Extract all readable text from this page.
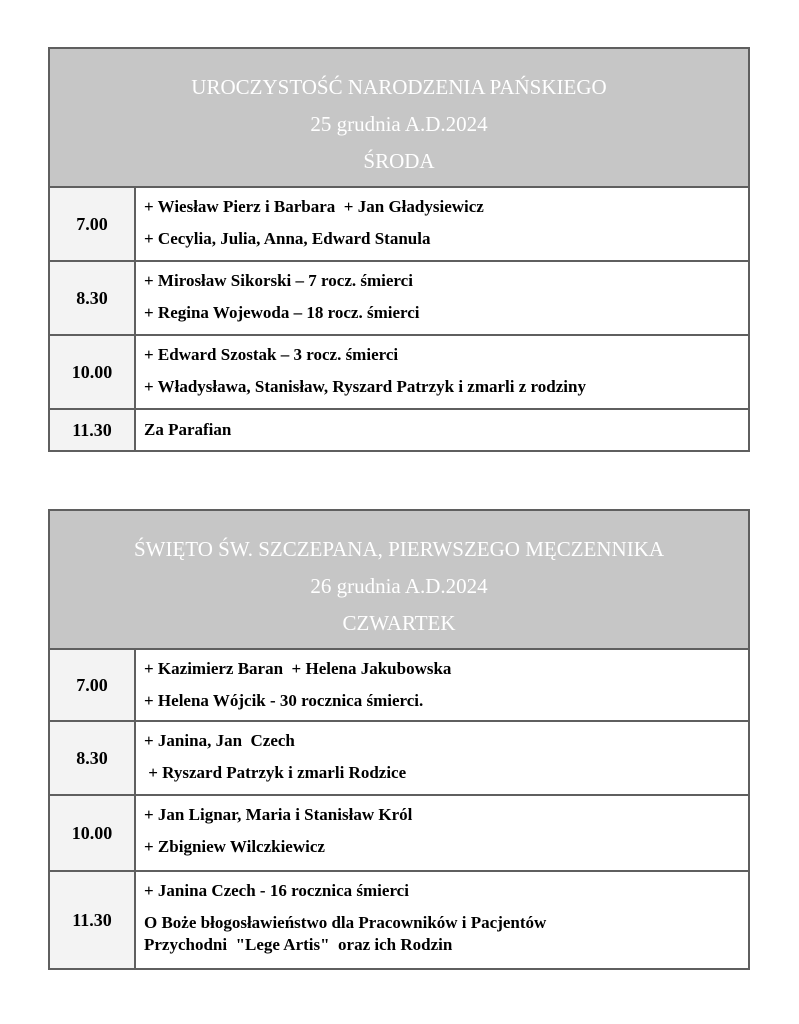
UROCZYSTOŚĆ NARODZENIA PAŃSKIEGO
25 grudnia A.D.2024
ŚRODA
7.00
+ Wiesław Pierz i Barbara  + Jan Gładysiewicz
+ Cecylia, Julia, Anna, Edward Stanula
8.30
+ Mirosław Sikorski – 7 rocz. śmierci
+ Regina Wojewoda – 18 rocz. śmierci
10.00
+ Edward Szostak – 3 rocz. śmierci
+ Władysława, Stanisław, Ryszard Patrzyk i zmarli z rodziny
11.30	Za Parafian
ŚWIĘTO ŚW. SZCZEPANA, PIERWSZEGO MĘCZENNIKA
26 grudnia A.D.2024
CZWARTEK
7.00
+ Kazimierz Baran  + Helena Jakubowska
+ Helena Wójcik - 30 rocznica śmierci.
8.30
+ Janina, Jan  Czech
+ Ryszard Patrzyk i zmarli Rodzice
10.00
+ Jan Lignar, Maria i Stanisław Król
+ Zbigniew Wilczkiewicz
11.30
+ Janina Czech - 16 rocznica śmierci
O Boże błogosławieństwo dla Pracowników i Pacjentów
Przychodni  "Lege Artis"  oraz ich Rodzin
